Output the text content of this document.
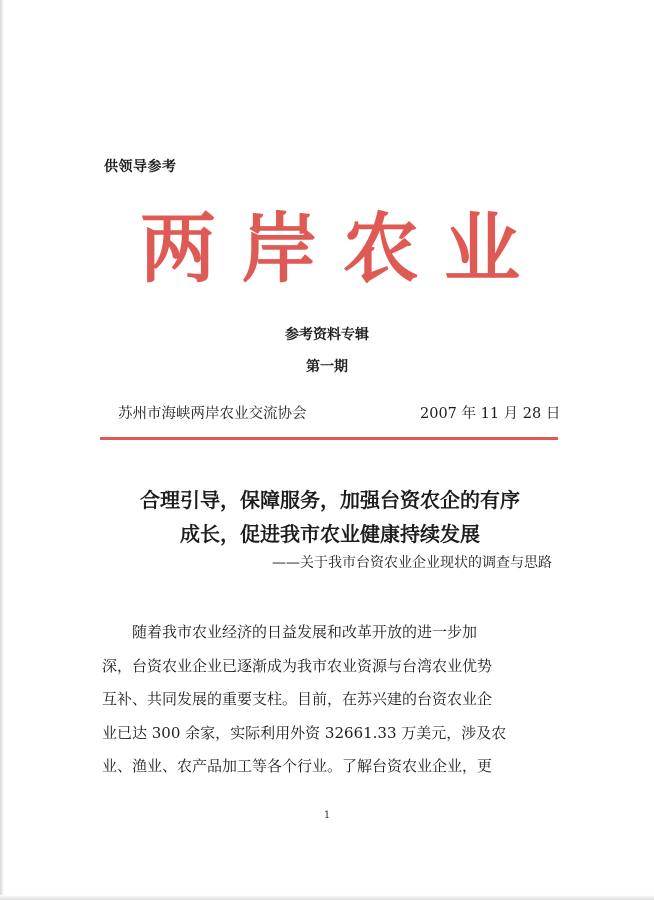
供领导参考
两 岸 农 业
参考资料专辑
第一期
苏州市海峡两岸农业交流协会	2007 年 11 月 28 日
合理引导，保障服务，加强台资农企的有序
成长，促进我市农业健康持续发展
——关于我市台资农业企业现状的调查与思路
随着我市农业经济的日益发展和改革开放的进一步加
深，台资农业企业已逐渐成为我市农业资源与台湾农业优势
互补、共同发展的重要支柱。目前，在苏兴建的台资农业企
业已达 300 余家，实际利用外资 32661.33 万美元，涉及农
业、渔业、农产品加工等各个行业。了解台资农业企业，更
1
